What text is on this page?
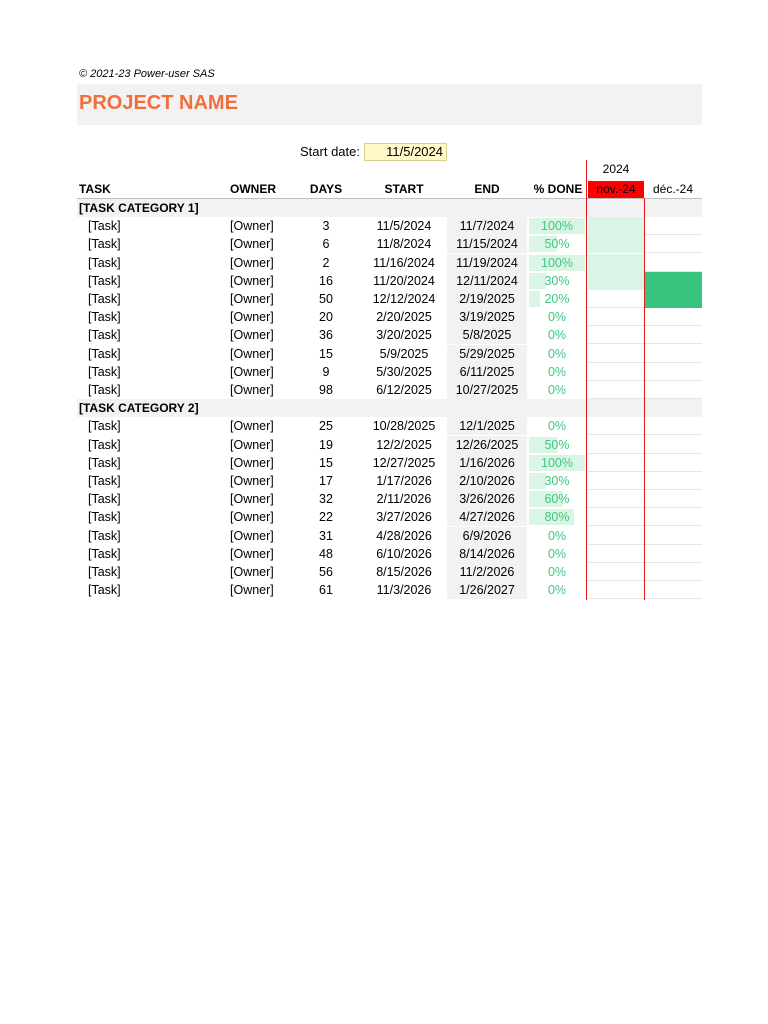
© 2021-23 Power-user SAS
PROJECT NAME
Start date:	11/5/2024
2024
TASK	OWNER	DAYS	START	END	% DONE	nov.-24	déc.-24
[TASK CATEGORY 1]
[Task]	[Owner]	3	11/5/2024	11/7/2024	100%
[Task]	[Owner]	6	11/8/2024	11/15/2024	50%
[Task]	[Owner]	2	11/16/2024	11/19/2024	100%
[Task]	[Owner]	16	11/20/2024	12/11/2024	30%
[Task]	[Owner]	50	12/12/2024	2/19/2025	20%
[Task]	[Owner]	20	2/20/2025	3/19/2025	0%
[Task]	[Owner]	36	3/20/2025	5/8/2025	0%
[Task]	[Owner]	15	5/9/2025	5/29/2025	0%
[Task]	[Owner]	9	5/30/2025	6/11/2025	0%
[Task]	[Owner]	98	6/12/2025	10/27/2025	0%
[TASK CATEGORY 2]
[Task]	[Owner]	25	10/28/2025	12/1/2025	0%
[Task]	[Owner]	19	12/2/2025	12/26/2025	50%
[Task]	[Owner]	15	12/27/2025	1/16/2026	100%
[Task]	[Owner]	17	1/17/2026	2/10/2026	30%
[Task]	[Owner]	32	2/11/2026	3/26/2026	60%
[Task]	[Owner]	22	3/27/2026	4/27/2026	80%
[Task]	[Owner]	31	4/28/2026	6/9/2026	0%
[Task]	[Owner]	48	6/10/2026	8/14/2026	0%
[Task]	[Owner]	56	8/15/2026	11/2/2026	0%
[Task]	[Owner]	61	11/3/2026	1/26/2027	0%
